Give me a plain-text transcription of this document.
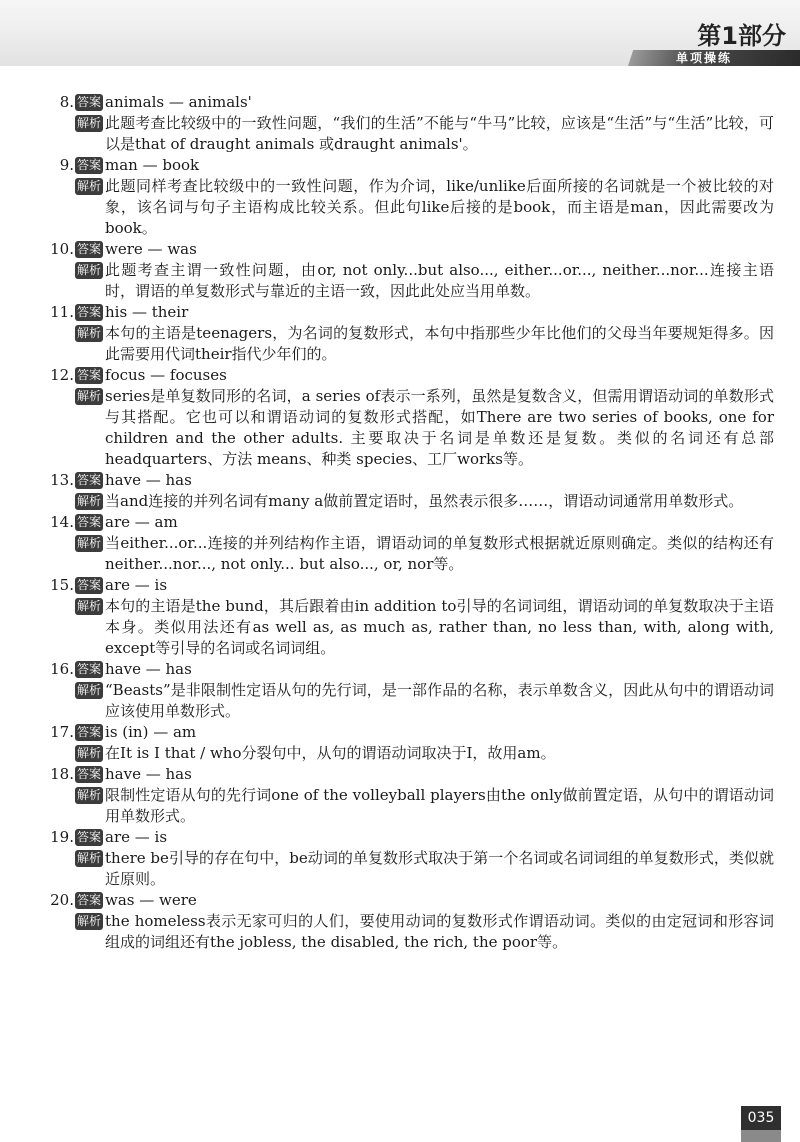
第1部分
单项操练
8. 答案 animals — animals'
解析 此题考查比较级中的一致性问题，“我们的生活”不能与“牛马”比较，应该是“生活”与“生活”比较，可以是that of draught animals 或draught animals'。
9. 答案 man — book
解析 此题同样考查比较级中的一致性问题，作为介词，like/unlike后面所接的名词就是一个被比较的对象，该名词与句子主语构成比较关系。但此句like后接的是book，而主语是man，因此需要改为book。
10. 答案 were — was
解析 此题考查主谓一致性问题，由or, not only...but also..., either...or..., neither...nor...连接主语时，谓语的单复数形式与靠近的主语一致，因此此处应当用单数。
11. 答案 his — their
解析 本句的主语是teenagers，为名词的复数形式，本句中指那些少年比他们的父母当年要规矩得多。因此需要用代词their指代少年们的。
12. 答案 focus — focuses
解析 series是单复数同形的名词，a series of表示一系列，虽然是复数含义，但需用谓语动词的单数形式与其搭配。它也可以和谓语动词的复数形式搭配，如There are two series of books, one for children and the other adults. 主要取决于名词是单数还是复数。类似的名词还有总部headquarters、方法 means、种类 species、工厂works等。
13. 答案 have — has
解析 当and连接的并列名词有many a做前置定语时，虽然表示很多……，谓语动词通常用单数形式。
14. 答案 are — am
解析 当either...or...连接的并列结构作主语，谓语动词的单复数形式根据就近原则确定。类似的结构还有neither...nor..., not only... but also..., or, nor等。
15. 答案 are — is
解析 本句的主语是the bund，其后跟着由in addition to引导的名词词组，谓语动词的单复数取决于主语本身。类似用法还有as well as, as much as, rather than, no less than, with, along with, except等引导的名词或名词词组。
16. 答案 have — has
解析 “Beasts”是非限制性定语从句的先行词，是一部作品的名称，表示单数含义，因此从句中的谓语动词应该使用单数形式。
17. 答案 is (in) — am
解析 在It is I that / who分裂句中，从句的谓语动词取决于I，故用am。
18. 答案 have — has
解析 限制性定语从句的先行词one of the volleyball players由the only做前置定语，从句中的谓语动词用单数形式。
19. 答案 are — is
解析 there be引导的存在句中，be动词的单复数形式取决于第一个名词或名词词组的单复数形式，类似就近原则。
20. 答案 was — were
解析 the homeless表示无家可归的人们，要使用动词的复数形式作谓语动词。类似的由定冠词和形容词组成的词组还有the jobless, the disabled, the rich, the poor等。
035
